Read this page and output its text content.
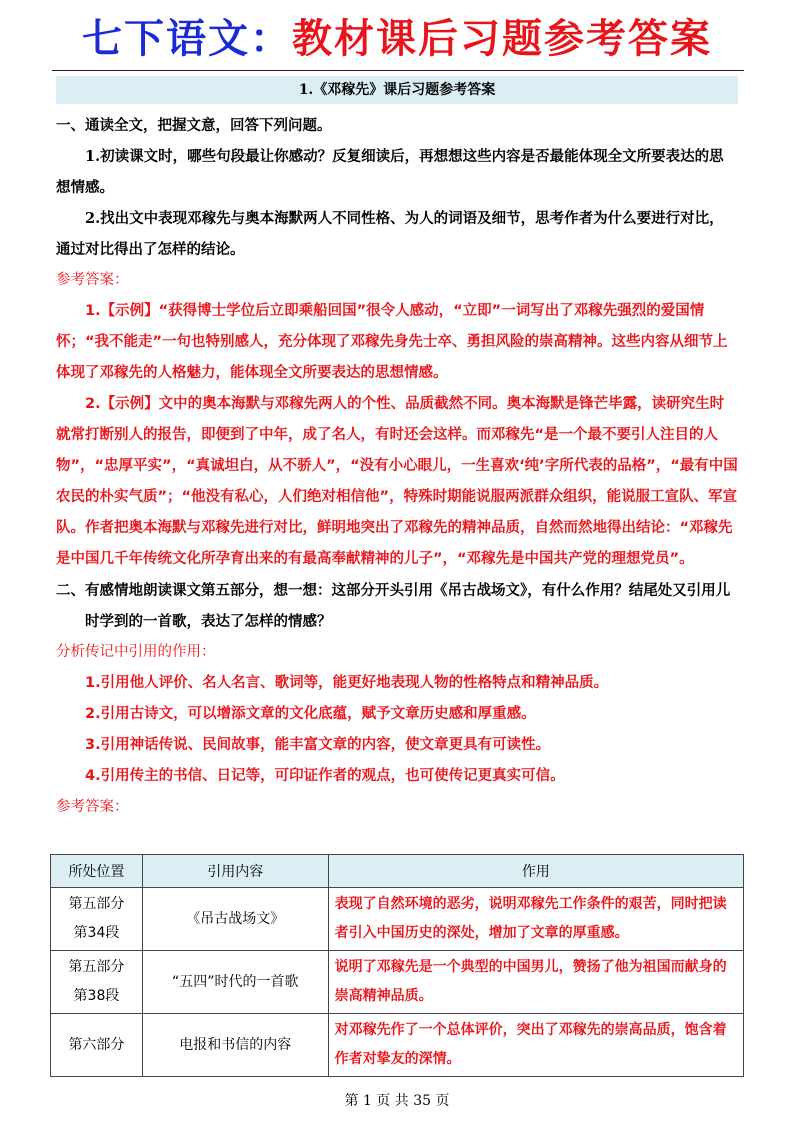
七下语文：教材课后习题参考答案
1.《邓稼先》课后习题参考答案

一、通读全文，把握文意，回答下列问题。

1.初读课文时，哪些句段最让你感动？反复细读后，再想想这些内容是否最能体现全文所要表达的思想情感。

2.找出文中表现邓稼先与奥本海默两人不同性格、为人的词语及细节，思考作者为什么要进行对比，通过对比得出了怎样的结论。

参考答案：

1.【示例】“获得博士学位后立即乘船回国”很令人感动，“立即”一词写出了邓稼先强烈的爱国情怀；“我不能走”一句也特别感人，充分体现了邓稼先身先士卒、勇担风险的崇高精神。这些内容从细节上体现了邓稼先的人格魅力，能体现全文所要表达的思想情感。

2.【示例】文中的奥本海默与邓稼先两人的个性、品质截然不同。奥本海默是锋芒毕露，读研究生时就常打断别人的报告，即便到了中年，成了名人，有时还会这样。而邓稼先“是一个最不要引人注目的人物”，“忠厚平实”，“真诚坦白，从不骄人”，“没有小心眼儿，一生喜欢‘纯’字所代表的品格”，“最有中国农民的朴实气质”；“他没有私心，人们绝对相信他”，特殊时期能说服两派群众组织，能说服工宣队、军宣队。作者把奥本海默与邓稼先进行对比，鲜明地突出了邓稼先的精神品质，自然而然地得出结论：“邓稼先是中国几千年传统文化所孕育出来的有最高奉献精神的儿子”，“邓稼先是中国共产党的理想党员”。

二、有感情地朗读课文第五部分，想一想：这部分开头引用《吊古战场文》，有什么作用？结尾处又引用儿时学到的一首歌，表达了怎样的情感？

分析传记中引用的作用：

1.引用他人评价、名人名言、歌词等，能更好地表现人物的性格特点和精神品质。

2.引用古诗文，可以增添文章的文化底蕴，赋予文章历史感和厚重感。

3.引用神话传说、民间故事，能丰富文章的内容，使文章更具有可读性。

4.引用传主的书信、日记等，可印证作者的观点，也可使传记更真实可信。

参考答案：

所处位置	引用内容	作用
第五部分
第34段	《吊古战场文》	表现了自然环境的恶劣，说明邓稼先工作条件的艰苦，同时把读者引入中国历史的深处，增加了文章的厚重感。
第五部分
第38段	“五四”时代的一首歌	说明了邓稼先是一个典型的中国男儿，赞扬了他为祖国而献身的崇高精神品质。
第六部分	电报和书信的内容	对邓稼先作了一个总体评价，突出了邓稼先的崇高品质，饱含着作者对挚友的深情。
第 1 页 共 35 页
